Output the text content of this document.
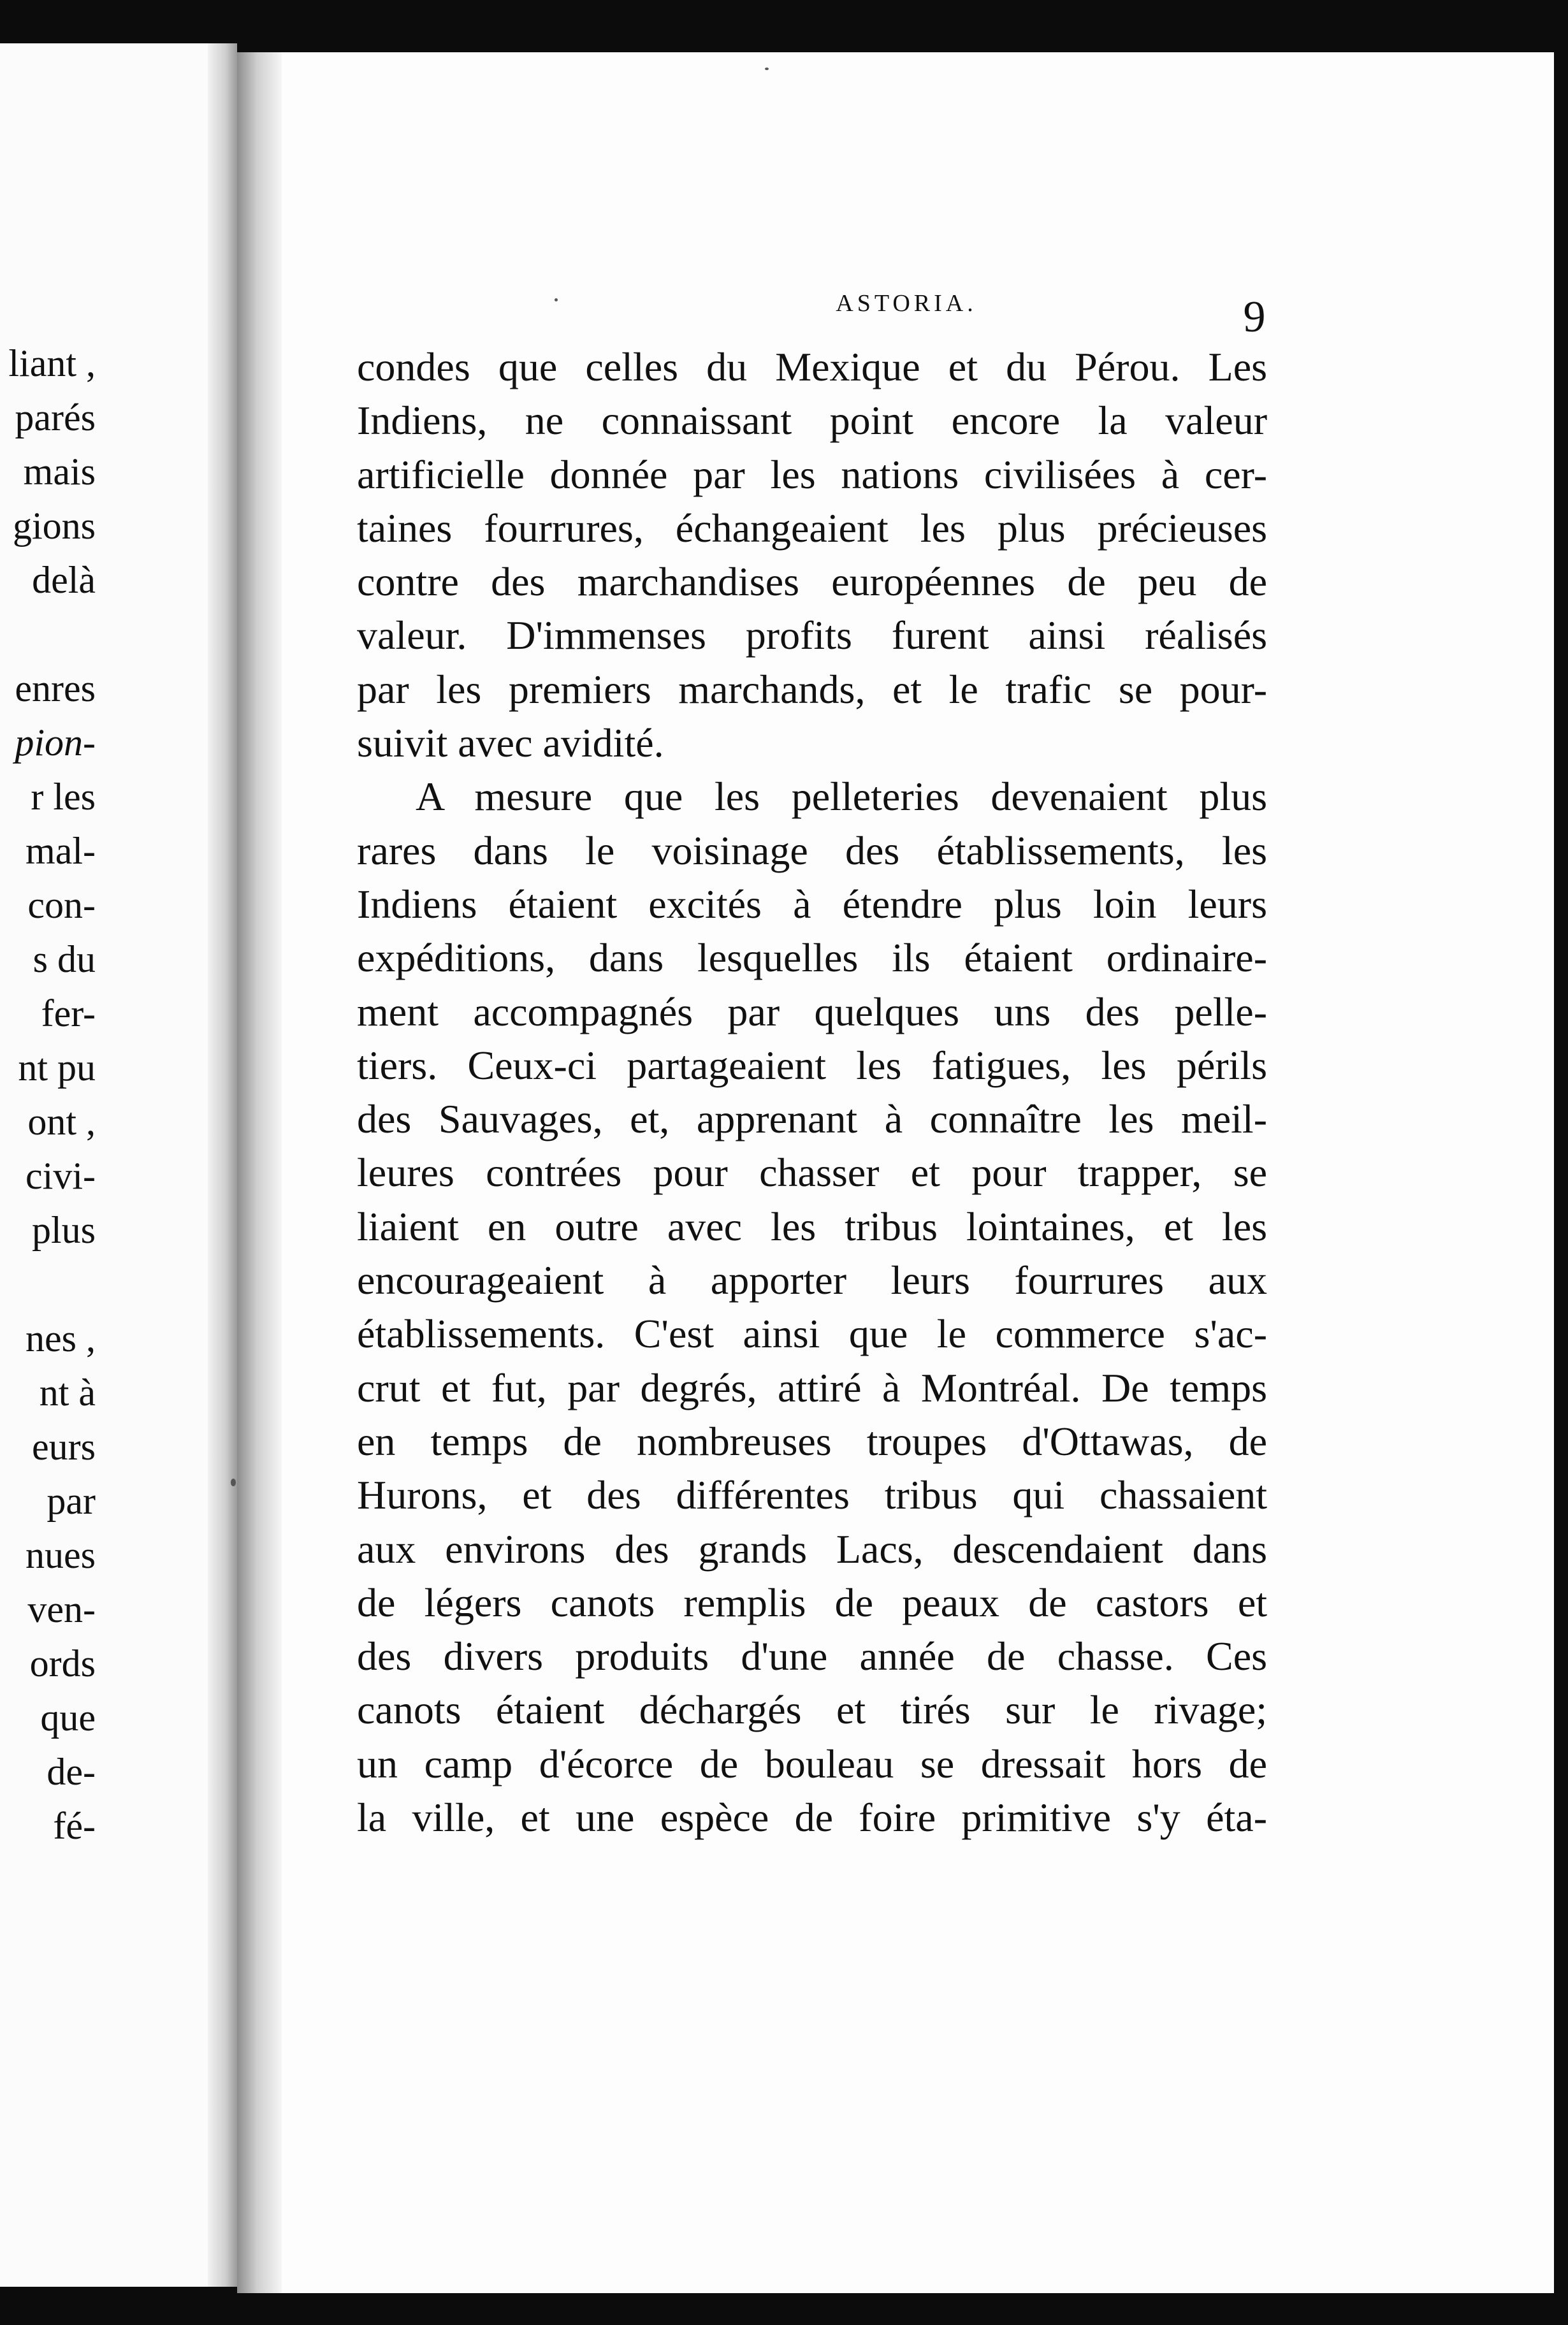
liant ,
parés
mais
gions
delà
enres
pion-
r les
mal-
con-
s du
fer-
nt pu
ont ,
civi-
plus
nes ,
nt à
eurs
par
nues
ven-
ords
que
de-
fé-
ASTORIA.	9
condes que celles du Mexique et du Pérou. Les
Indiens, ne connaissant point encore la valeur
artificielle donnée par les nations civilisées à cer-
taines fourrures, échangeaient les plus précieuses
contre des marchandises européennes de peu de
valeur. D'immenses profits furent ainsi réalisés
par les premiers marchands, et le trafic se pour-
suivit avec avidité.
A mesure que les pelleteries devenaient plus
rares dans le voisinage des établissements, les
Indiens étaient excités à étendre plus loin leurs
expéditions, dans lesquelles ils étaient ordinaire-
ment accompagnés par quelques uns des pelle-
tiers. Ceux-ci partageaient les fatigues, les périls
des Sauvages, et, apprenant à connaître les meil-
leures contrées pour chasser et pour trapper, se
liaient en outre avec les tribus lointaines, et les
encourageaient à apporter leurs fourrures aux
établissements. C'est ainsi que le commerce s'ac-
crut et fut, par degrés, attiré à Montréal. De temps
en temps de nombreuses troupes d'Ottawas, de
Hurons, et des différentes tribus qui chassaient
aux environs des grands Lacs, descendaient dans
de légers canots remplis de peaux de castors et
des divers produits d'une année de chasse. Ces
canots étaient déchargés et tirés sur le rivage;
un camp d'écorce de bouleau se dressait hors de
la ville, et une espèce de foire primitive s'y éta-
